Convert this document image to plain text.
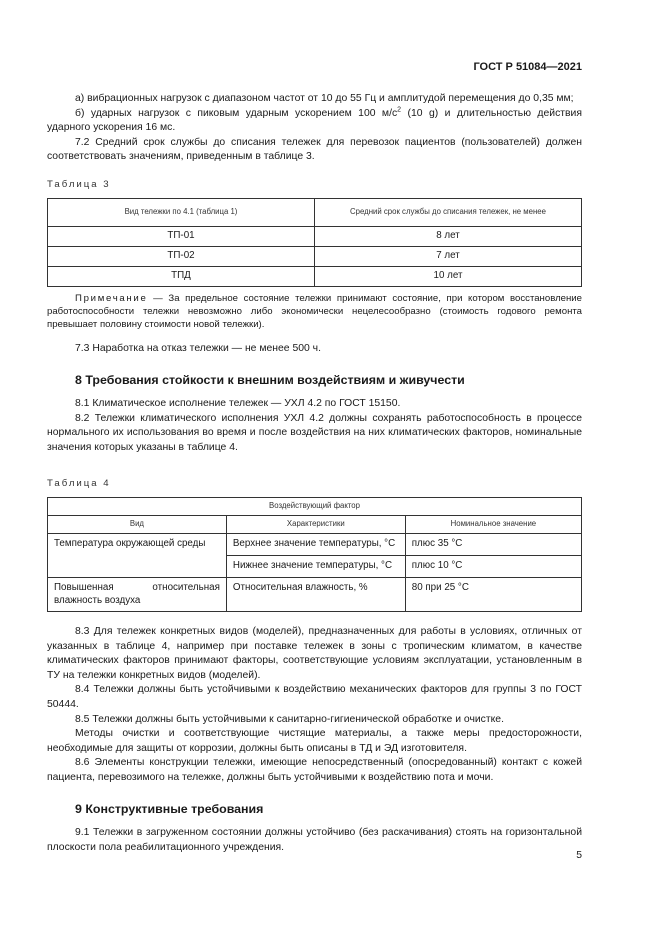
ГОСТ Р 51084—2021

а) вибрационных нагрузок с диапазоном частот от 10 до 55 Гц и амплитудой перемещения до 0,35 мм;

б) ударных нагрузок с пиковым ударным ускорением 100 $м/с^2$ (10 g) и длительностью действия ударного ускорения 16 мс.

7.2 Средний срок службы до списания тележек для перевозок пациентов (пользователей) должен соответствовать значениям, приведенным в таблице 3.

Таблица 3
Вид тележки по 4.1 (таблица 1)	Средний срок службы до списания тележек, не менее
ТП-01	8 лет
ТП-02	7 лет
ТПД	10 лет

Примечание — За предельное состояние тележки принимают состояние, при котором восстановление работоспособности тележки невозможно либо экономически нецелесообразно (стоимость годового ремонта превышает половину стоимости новой тележки).

7.3 Наработка на отказ тележки — не менее 500 ч.

8 Требования стойкости к внешним воздействиям и живучести

8.1 Климатическое исполнение тележек — УХЛ 4.2 по ГОСТ 15150.

8.2 Тележки климатического исполнения УХЛ 4.2 должны сохранять работоспособность в процессе нормального их использования во время и после воздействия на них климатических факторов, номинальные значения которых указаны в таблице 4.

Таблица 4
Воздействующий фактор		
Вид	Характеристики	Номинальное значение
Температура окружающей среды	Верхнее значение температуры, °С	плюс 35 °С
	Нижнее значение температуры, °С	плюс 10 °С
Повышенная относительная влажность воздуха	Относительная влажность, %	80 при 25 °С

8.3 Для тележек конкретных видов (моделей), предназначенных для работы в условиях, отличных от указанных в таблице 4, например при поставке тележек в зоны с тропическим климатом, в качестве климатических факторов принимают факторы, соответствующие условиям эксплуатации, установленным в ТУ на тележки конкретных видов (моделей).

8.4 Тележки должны быть устойчивыми к воздействию механических факторов для группы 3 по ГОСТ 50444.

8.5 Тележки должны быть устойчивыми к санитарно-гигиенической обработке и очистке.

Методы очистки и соответствующие чистящие материалы, а также меры предосторожности, необходимые для защиты от коррозии, должны быть описаны в ТД и ЭД изготовителя.

8.6 Элементы конструкции тележки, имеющие непосредственный (опосредованный) контакт с кожей пациента, перевозимого на тележке, должны быть устойчивыми к воздействию пота и мочи.

9 Конструктивные требования

9.1 Тележки в загруженном состоянии должны устойчиво (без раскачивания) стоять на горизонтальной плоскости пола реабилитационного учреждения.

5
